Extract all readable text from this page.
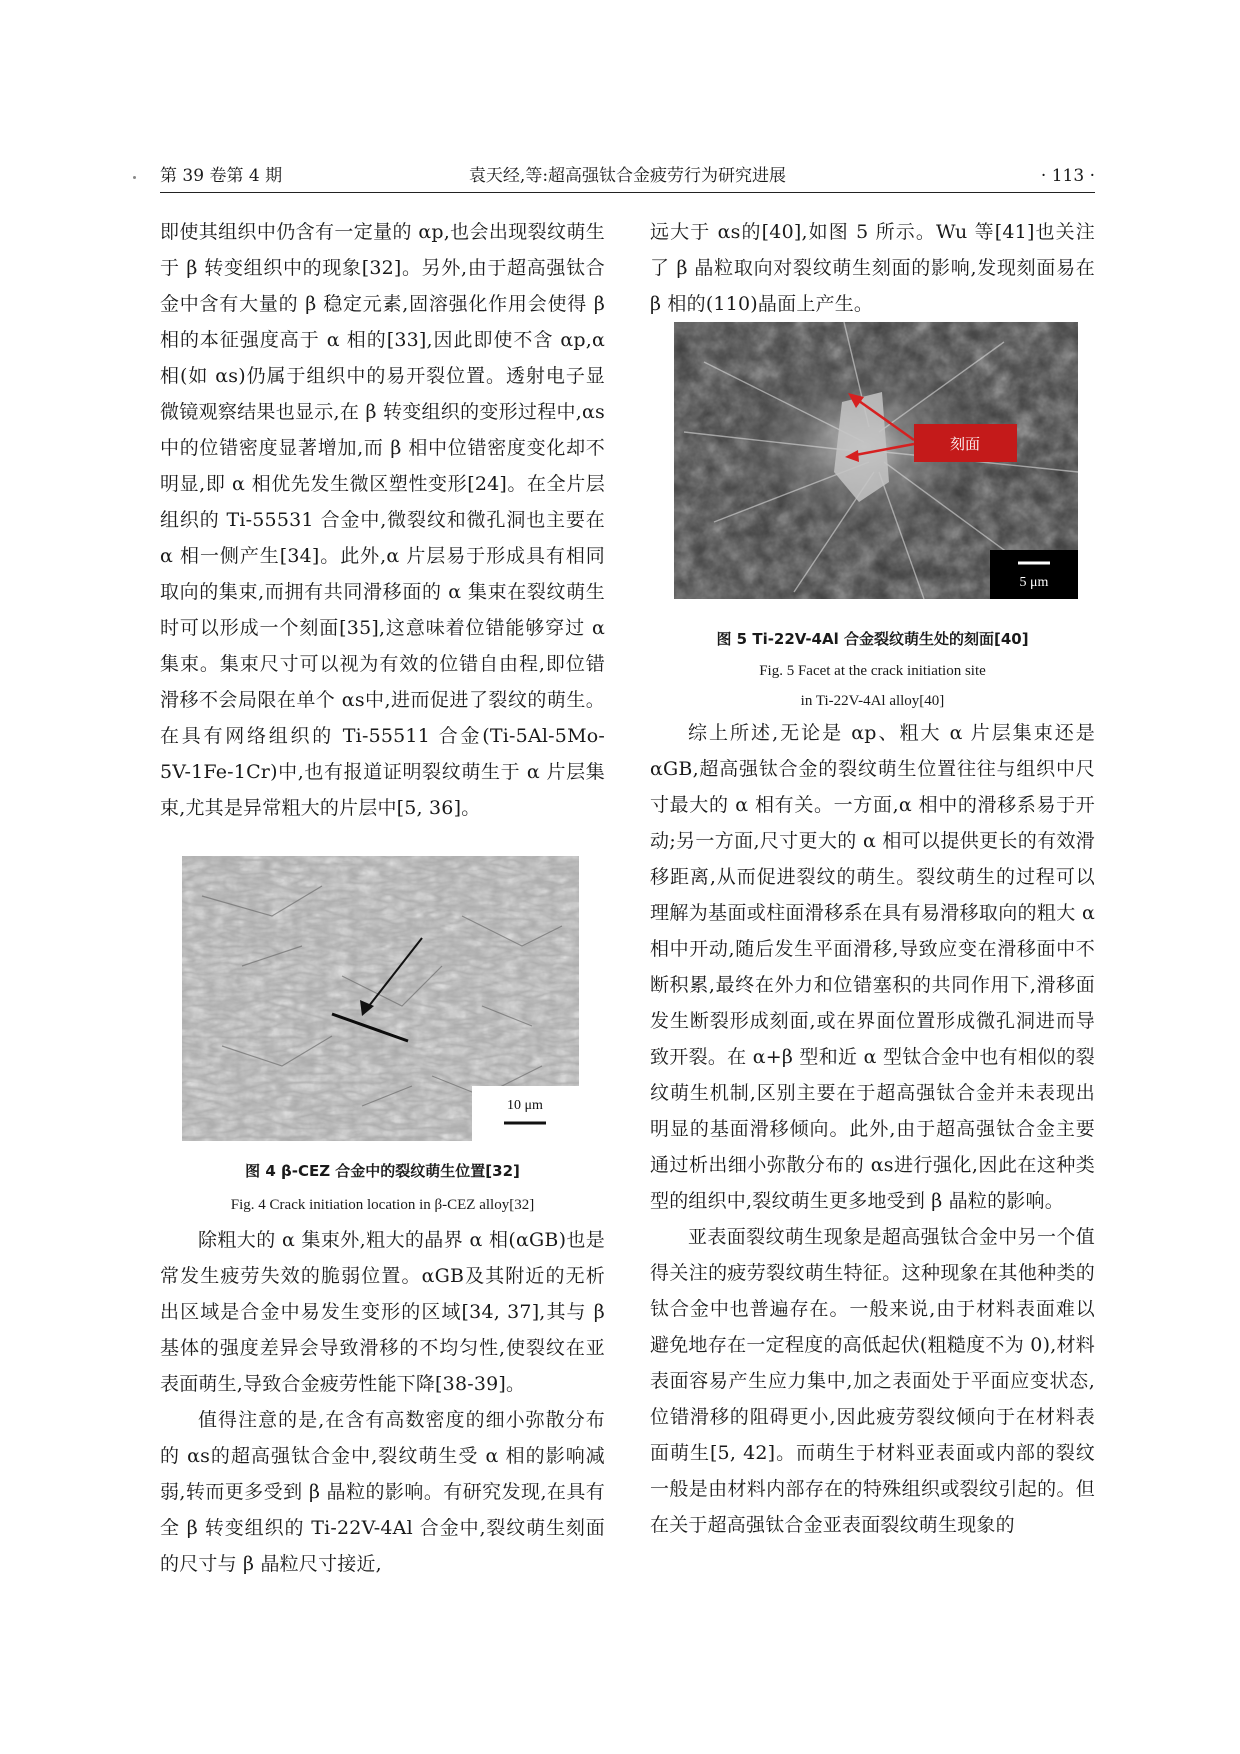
袁天经,等:超高强钛合金疲劳行为研究进展
第 39 卷第 4 期	· 113 ·

即使其组织中仍含有一定量的 αp,也会出现裂纹萌生于 β 转变组织中的现象[32]。另外,由于超高强钛合金中含有大量的 β 稳定元素,固溶强化作用会使得 β 相的本征强度高于 α 相的[33],因此即使不含 αp,α 相(如 αs)仍属于组织中的易开裂位置。透射电子显微镜观察结果也显示,在 β 转变组织的变形过程中,αs中的位错密度显著增加,而 β 相中位错密度变化却不明显,即 α 相优先发生微区塑性变形[24]。在全片层组织的 Ti-55531 合金中,微裂纹和微孔洞也主要在 α 相一侧产生[34]。此外,α 片层易于形成具有相同取向的集束,而拥有共同滑移面的 α 集束在裂纹萌生时可以形成一个刻面[35],这意味着位错能够穿过 α 集束。集束尺寸可以视为有效的位错自由程,即位错滑移不会局限在单个 αs中,进而促进了裂纹的萌生。在具有网络组织的 Ti-55511 合金(Ti-5Al-5Mo-5V-1Fe-1Cr)中,也有报道证明裂纹萌生于 α 片层集束,尤其是异常粗大的片层中[5, 36]。

10 μm
图 4 β-CEZ 合金中的裂纹萌生位置[32]
Fig. 4 Crack initiation location in β-CEZ alloy[32]

除粗大的 α 集束外,粗大的晶界 α 相(αGB)也是常发生疲劳失效的脆弱位置。αGB及其附近的无析出区域是合金中易发生变形的区域[34, 37],其与 β 基体的强度差异会导致滑移的不均匀性,使裂纹在亚表面萌生,导致合金疲劳性能下降[38-39]。

值得注意的是,在含有高数密度的细小弥散分布的 αs的超高强钛合金中,裂纹萌生受 α 相的影响减弱,转而更多受到 β 晶粒的影响。有研究发现,在具有全 β 转变组织的 Ti-22V-4Al 合金中,裂纹萌生刻面的尺寸与 β 晶粒尺寸接近,

远大于 αs的[40],如图 5 所示。Wu 等[41]也关注了 β 晶粒取向对裂纹萌生刻面的影响,发现刻面易在 β 相的(110)晶面上产生。

刻面
5 μm
图 5 Ti-22V-4Al 合金裂纹萌生处的刻面[40]
Fig. 5 Facet at the crack initiation site
in Ti-22V-4Al alloy[40]

综上所述,无论是 αp、粗大 α 片层集束还是 αGB,超高强钛合金的裂纹萌生位置往往与组织中尺寸最大的 α 相有关。一方面,α 相中的滑移系易于开动;另一方面,尺寸更大的 α 相可以提供更长的有效滑移距离,从而促进裂纹的萌生。裂纹萌生的过程可以理解为基面或柱面滑移系在具有易滑移取向的粗大 α 相中开动,随后发生平面滑移,导致应变在滑移面中不断积累,最终在外力和位错塞积的共同作用下,滑移面发生断裂形成刻面,或在界面位置形成微孔洞进而导致开裂。在 α+β 型和近 α 型钛合金中也有相似的裂纹萌生机制,区别主要在于超高强钛合金并未表现出明显的基面滑移倾向。此外,由于超高强钛合金主要通过析出细小弥散分布的 αs进行强化,因此在这种类型的组织中,裂纹萌生更多地受到 β 晶粒的影响。

亚表面裂纹萌生现象是超高强钛合金中另一个值得关注的疲劳裂纹萌生特征。这种现象在其他种类的钛合金中也普遍存在。一般来说,由于材料表面难以避免地存在一定程度的高低起伏(粗糙度不为 0),材料表面容易产生应力集中,加之表面处于平面应变状态,位错滑移的阻碍更小,因此疲劳裂纹倾向于在材料表面萌生[5, 42]。而萌生于材料亚表面或内部的裂纹一般是由材料内部存在的特殊组织或裂纹引起的。但在关于超高强钛合金亚表面裂纹萌生现象的
